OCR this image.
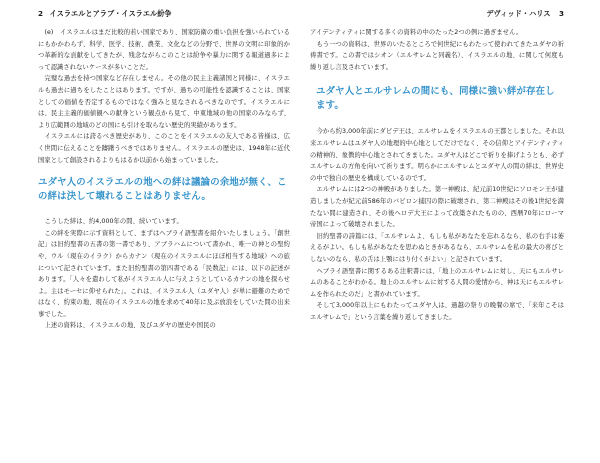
2 イスラエルとアラブ・イスラエル紛争

(e)　イスラエルはまだ比較的若い国家であり、国家防衛の重い負担を強いられているにもかかわらず、科学、医学、技術、農業、文化などの分野で、世界の文明に印象的かつ革新的な貢献をしてきたが、残念ながらこのことは紛争や暴力に関する報道過多によって認識されないケースが多いことだ。

完璧な過去を持つ国家など存在しません。その他の民主主義諸国と同様に、イスラエルも過去に過ちをしたことはあります。ですが、過ちの可能性を認識することは、国家としての価値を否定するものではなく強みと見なされるべきなのです。イスラエルには、民主主義的価値観への献身という観点から見て、中東地域の他の国家のみならず、より広範囲の地域のどの国にも引けを取らない歴史的実績があります。

イスラエルには誇るべき歴史があり、このことをイスラエルの友人である皆様は、広く世間に伝えることを躊躇うべきではありません。イスラエルの歴史は、1948年に近代国家として創設されるよりもはるか以前から始まっていました。

ユダヤ人のイスラエルの地への絆は議論の余地が無く、この絆は決して壊れることはありません。

こうした絆は、約4,000年の間、続いています。

この絆を実際に示す資料として、まずはヘブライ語聖書を紹介いたしましょう。「創世記」は旧約聖書の五書の第一書であり、アブラハムについて書かれ、唯一の神との聖約や、ウル（現在のイラク）からカナン（現在のイスラエルにほぼ相当する地域）への旅について記されています。また旧約聖書の第四書である「民数記」には、以下の記述があります。「人々を遣わして私がイスラエル人に与えようとしているカナンの地を探らせよ。主はモーセに仰せられた」。これは、イスラエル人（ユダヤ人）が単に避難のためではなく、約束の地、現在のイスラエルの地を求めて40年に及ぶ放浪をしていた間の出来事でした。

上述の資料は、イスラエルの地、及びユダヤの歴史や国民の

デヴィッド・ハリス 3

アイデンティティに関する多くの資料の中のたった2つの例に過ぎません。

もう一つの資料は、世界のいたるところで何世紀にもわたって使われてきたユダヤの祈祷書です。この書ではシオン（エルサレムと同義名）、イスラエルの地、に関して何度も繰り返し言及されています。

ユダヤ人とエルサレムの間にも、同様に強い絆が存在します。

今から約3,000年前にダビデ王は、エルサレムをイスラエルの王都としました。それ以来エルサレムはユダヤ人の地理的中心地としてだけでなく、その信仰とアイデンティティの精神的、象徴的中心地とされてきました。ユダヤ人はどこで祈りを捧げようとも、必ずエルサレムの方角を向いて祈ります。明らかにエルサレムとユダヤ人の間の絆は、世界史の中で独自の歴史を構成しているのです。

エルサレムには2つの神殿がありました。第一神殿は、紀元前10世紀にソロモン王が建造しましたが紀元前586年のバビロン捕囚の際に破壊され、第二神殿はその後1世紀を満たない間に建造され、その後ヘロデ大王によって改築されたものの、西暦70年にローマ帝国によって破壊されました。

旧約聖書の詩篇には、「エルサレムよ、もしも私があなたを忘れるなら、私の右手は萎えるがよい。もしも私があなたを思わぬときがあるなら、エルサレムを私の最大の喜びとしないのなら、私の舌は上顎にはり付くがよい」と記されています。

ヘブライ語聖書に関するある注釈書には、「地上のエルサレムに対し、天にもエルサレムのあることがわかる。地上のエルサレムに対する人間の愛情から、神は天にもエルサレムを作られたのだ」と書かれています。

そして3,000年以上にもわたってユダヤ人は、過越の祭りの晩餐の席で、「来年こそはエルサレムで」という言葉を繰り返してきました。
